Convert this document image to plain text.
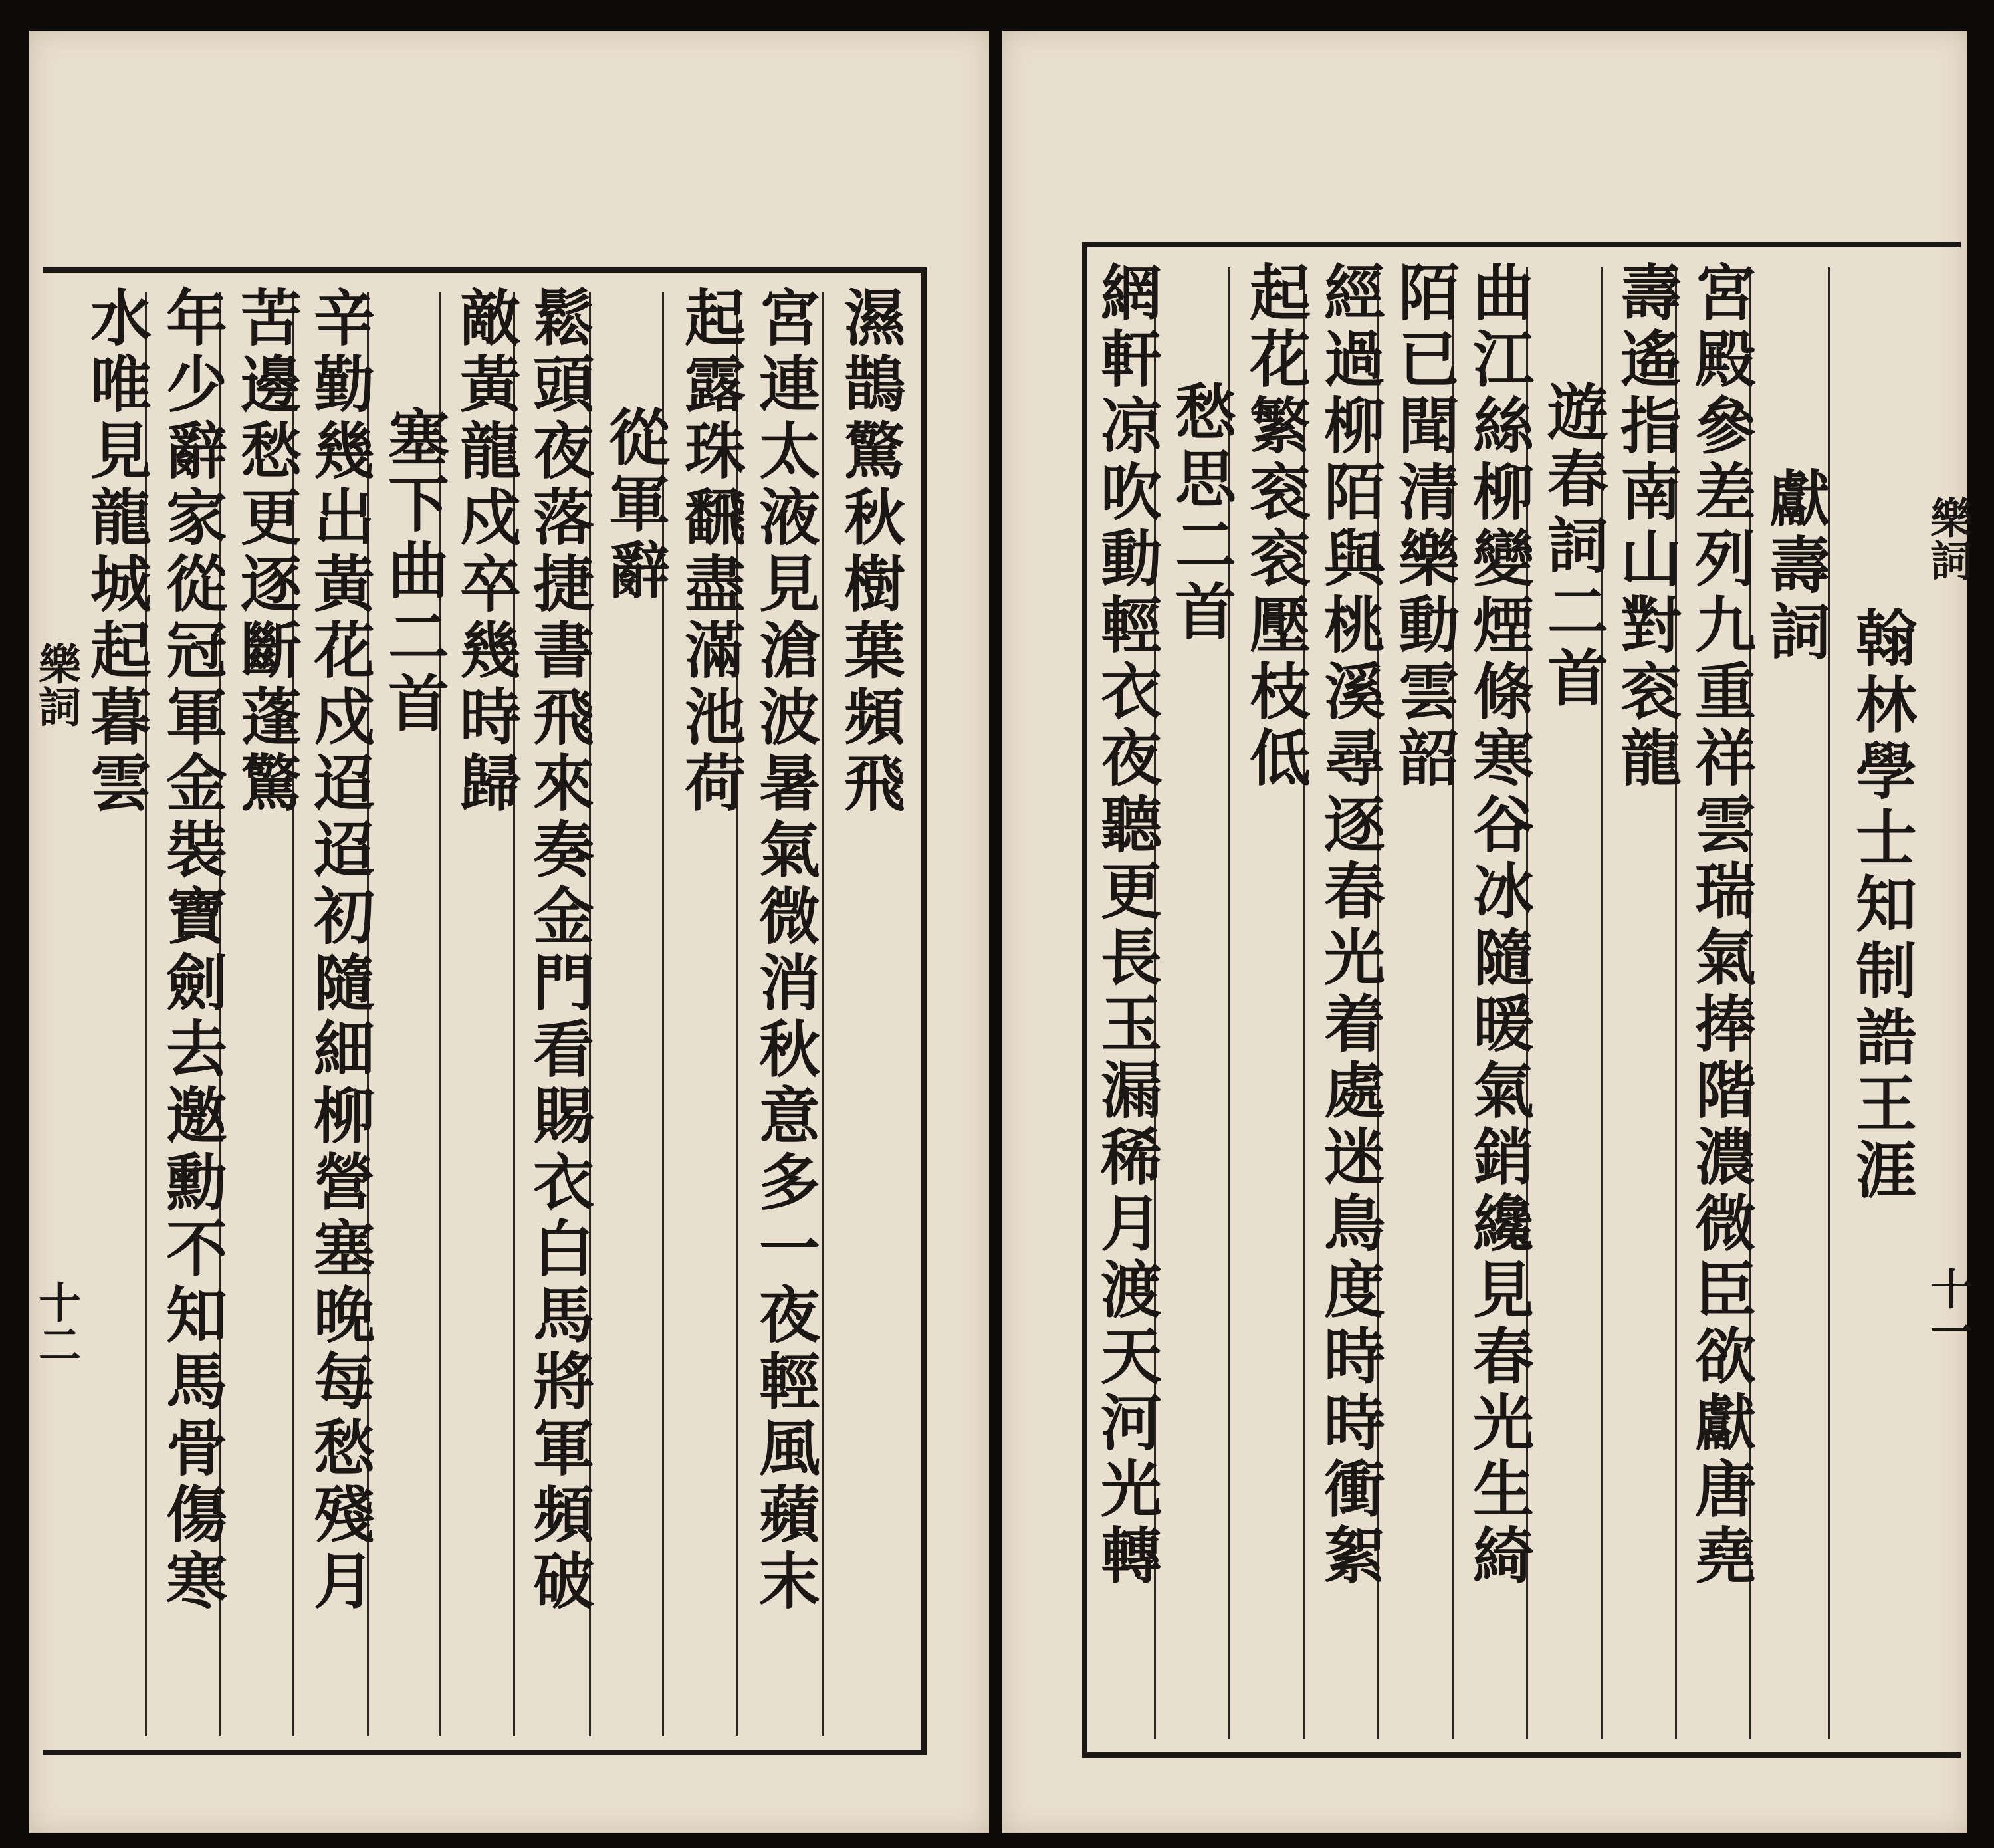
濕鵲驚秋樹葉頻飛
宮連太液見滄波暑氣微消秋意多一夜輕風蘋末
起露珠飜盡滿池荷
從軍辭
鬆頭夜落捷書飛來奏金門看賜衣白馬將軍頻破
敵黃龍戍卒幾時歸
塞下曲二首
辛勤幾出黃花戍迢迢初隨細柳營塞晚每愁殘月
苦邊愁更逐斷蓬驚
年少辭家從冠軍金裝寶劍去邀勳不知馬骨傷寒
水唯見龍城起暮雲
樂詞
十二
翰林學士知制誥王涯
獻壽詞
宮殿參差列九重祥雲瑞氣捧階濃微臣欲獻唐堯
壽遙指南山對衮龍
遊春詞二首
曲江絲柳變煙條寒谷冰隨暖氣銷纔見春光生綺
陌已聞清樂動雲韶
經過柳陌與桃溪尋逐春光着處迷鳥度時時衝絮
起花繁衮衮壓枝低
愁思二首
網軒凉吹動輕衣夜聽更長玉漏稀月渡天河光轉	樂詞
十一
